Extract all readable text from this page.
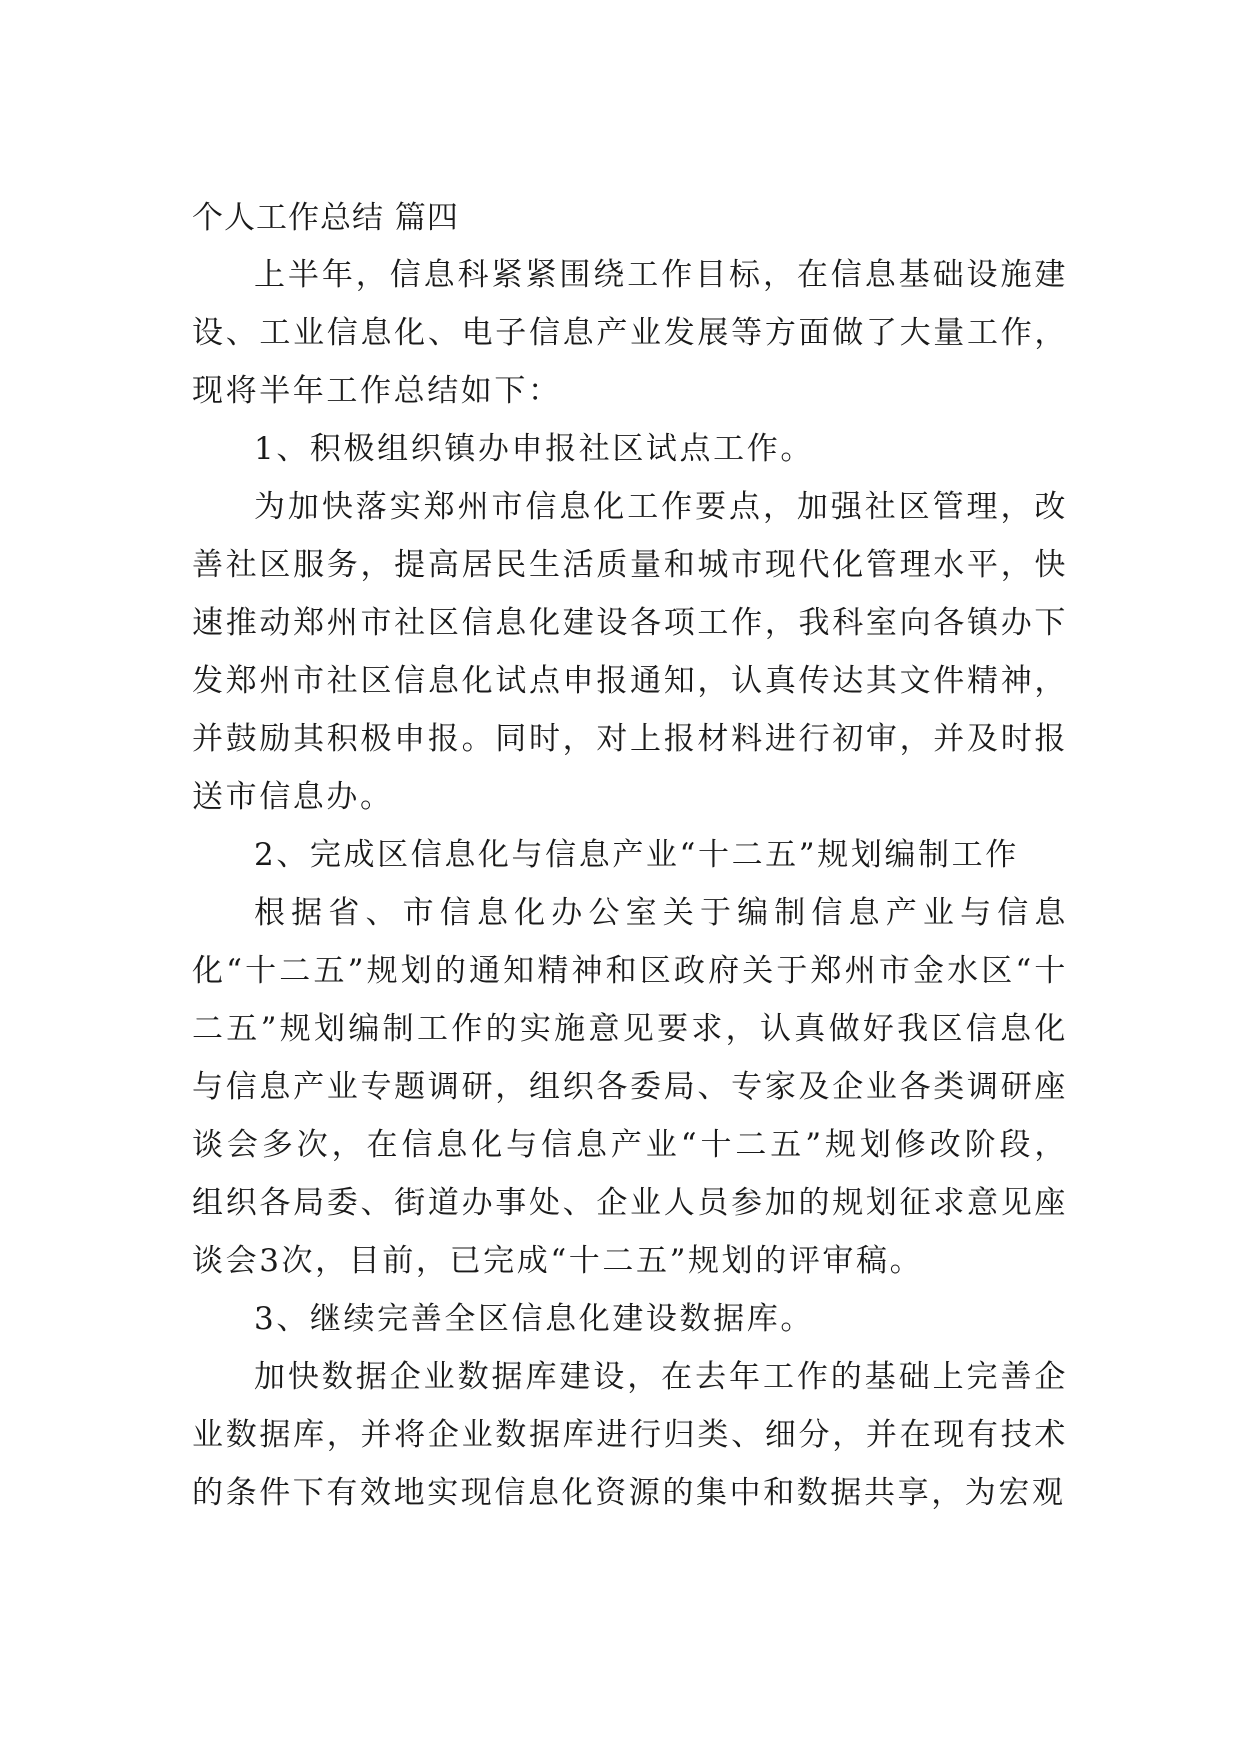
个人工作总结 篇四

上半年，信息科紧紧围绕工作目标，在信息基础设施建设、工业信息化、电子信息产业发展等方面做了大量工作，现将半年工作总结如下：

1、积极组织镇办申报社区试点工作。

为加快落实郑州市信息化工作要点，加强社区管理，改善社区服务，提高居民生活质量和城市现代化管理水平，快速推动郑州市社区信息化建设各项工作，我科室向各镇办下发郑州市社区信息化试点申报通知，认真传达其文件精神，并鼓励其积极申报。同时，对上报材料进行初审，并及时报送市信息办。

2、完成区信息化与信息产业“十二五”规划编制工作

根据省、市信息化办公室关于编制信息产业与信息化“十二五”规划的通知精神和区政府关于郑州市金水区“十二五”规划编制工作的实施意见要求，认真做好我区信息化与信息产业专题调研，组织各委局、专家及企业各类调研座谈会多次，在信息化与信息产业“十二五”规划修改阶段，组织各局委、街道办事处、企业人员参加的规划征求意见座谈会3次，目前，已完成“十二五”规划的评审稿。

3、继续完善全区信息化建设数据库。

加快数据企业数据库建设，在去年工作的基础上完善企业数据库，并将企业数据库进行归类、细分，并在现有技术的条件下有效地实现信息化资源的集中和数据共享，为宏观
